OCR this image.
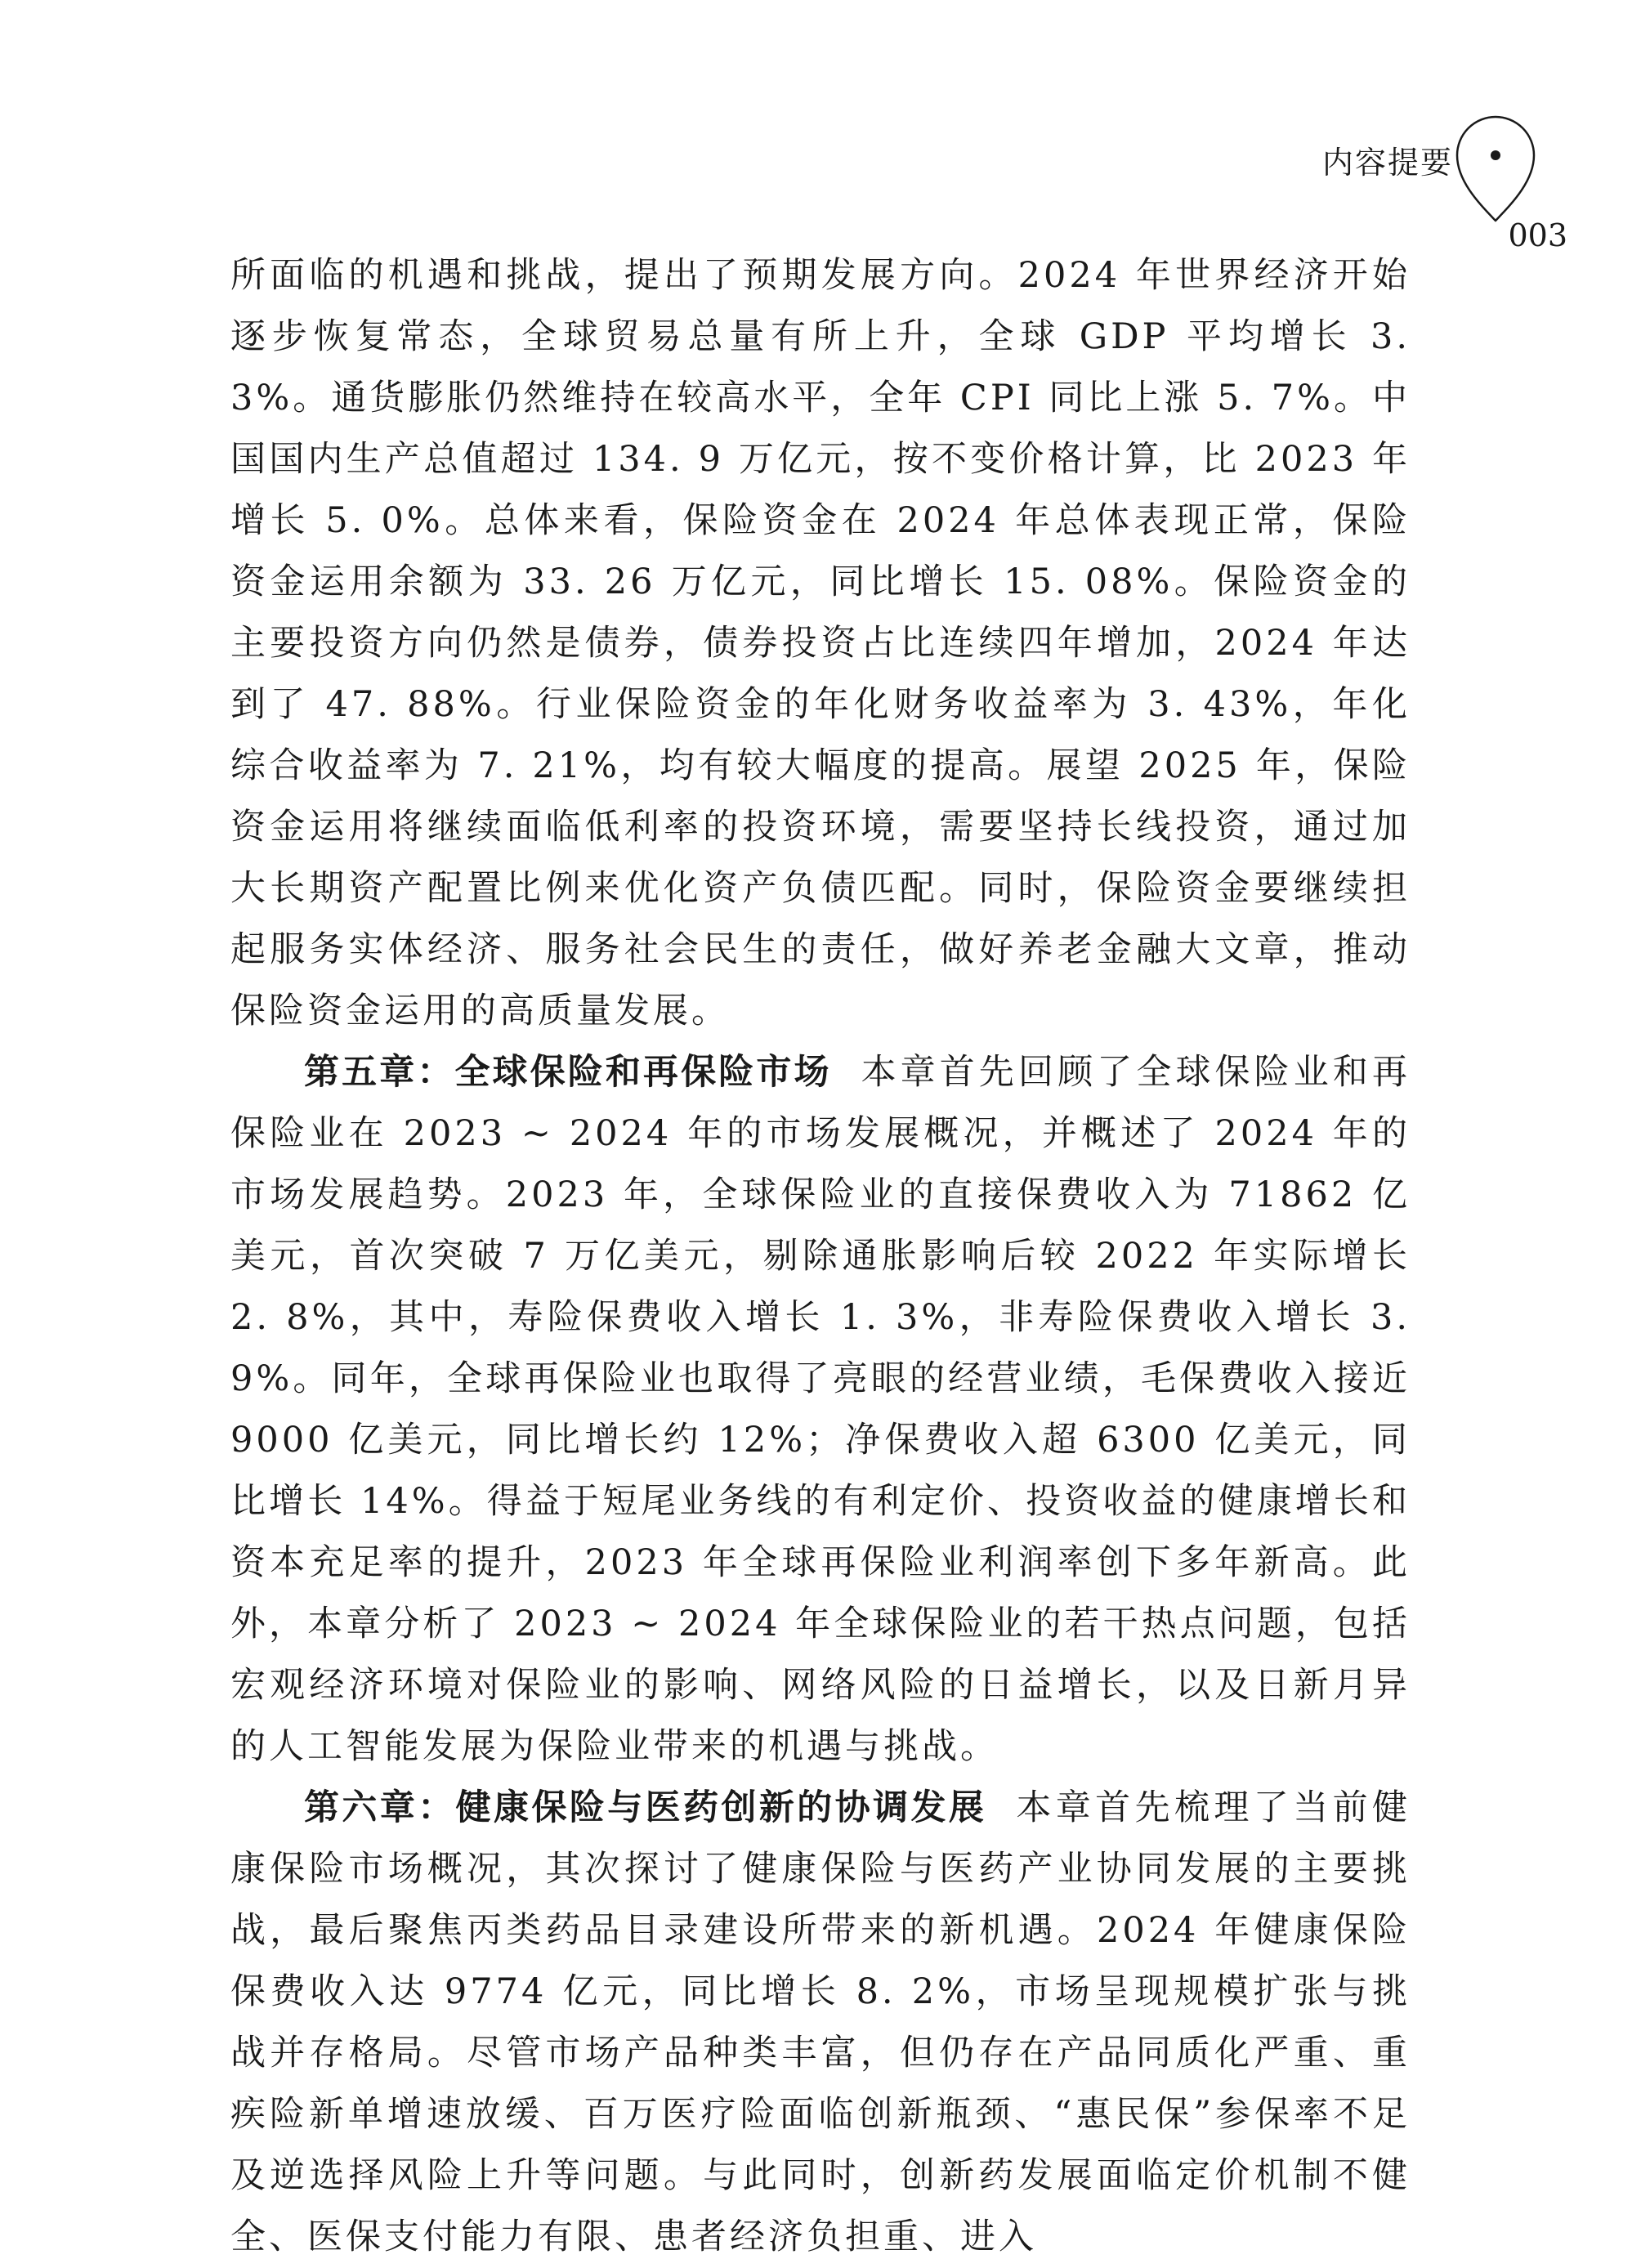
内容提要
003

所面临的机遇和挑战，提出了预期发展方向。2024 年世界经济开始逐步恢复常态，全球贸易总量有所上升，全球 GDP 平均增长 3. 3%。通货膨胀仍然维持在较高水平，全年 CPI 同比上涨 5. 7%。中国国内生产总值超过 134. 9 万亿元，按不变价格计算，比 2023 年增长 5. 0%。总体来看，保险资金在 2024 年总体表现正常，保险资金运用余额为 33. 26 万亿元，同比增长 15. 08%。保险资金的主要投资方向仍然是债券，债券投资占比连续四年增加，2024 年达到了 47. 88%。行业保险资金的年化财务收益率为 3. 43%，年化综合收益率为 7. 21%，均有较大幅度的提高。展望 2025 年，保险资金运用将继续面临低利率的投资环境，需要坚持长线投资，通过加大长期资产配置比例来优化资产负债匹配。同时，保险资金要继续担起服务实体经济、服务社会民生的责任，做好养老金融大文章，推动保险资金运用的高质量发展。

第五章：全球保险和再保险市场 本章首先回顾了全球保险业和再保险业在 2023 ~ 2024 年的市场发展概况，并概述了 2024 年的市场发展趋势。2023 年，全球保险业的直接保费收入为 71862 亿美元，首次突破 7 万亿美元，剔除通胀影响后较 2022 年实际增长 2. 8%，其中，寿险保费收入增长 1. 3%，非寿险保费收入增长 3. 9%。同年，全球再保险业也取得了亮眼的经营业绩，毛保费收入接近 9000 亿美元，同比增长约 12%；净保费收入超 6300 亿美元，同比增长 14%。得益于短尾业务线的有利定价、投资收益的健康增长和资本充足率的提升，2023 年全球再保险业利润率创下多年新高。此外，本章分析了 2023 ~ 2024 年全球保险业的若干热点问题，包括宏观经济环境对保险业的影响、网络风险的日益增长，以及日新月异的人工智能发展为保险业带来的机遇与挑战。

第六章：健康保险与医药创新的协调发展 本章首先梳理了当前健康保险市场概况，其次探讨了健康保险与医药产业协同发展的主要挑战，最后聚焦丙类药品目录建设所带来的新机遇。2024 年健康保险保费收入达 9774 亿元，同比增长 8. 2%，市场呈现规模扩张与挑战并存格局。尽管市场产品种类丰富，但仍存在产品同质化严重、重疾险新单增速放缓、百万医疗险面临创新瓶颈、“惠民保”参保率不足及逆选择风险上升等问题。与此同时，创新药发展面临定价机制不健全、医保支付能力有限、患者经济负担重、进入
